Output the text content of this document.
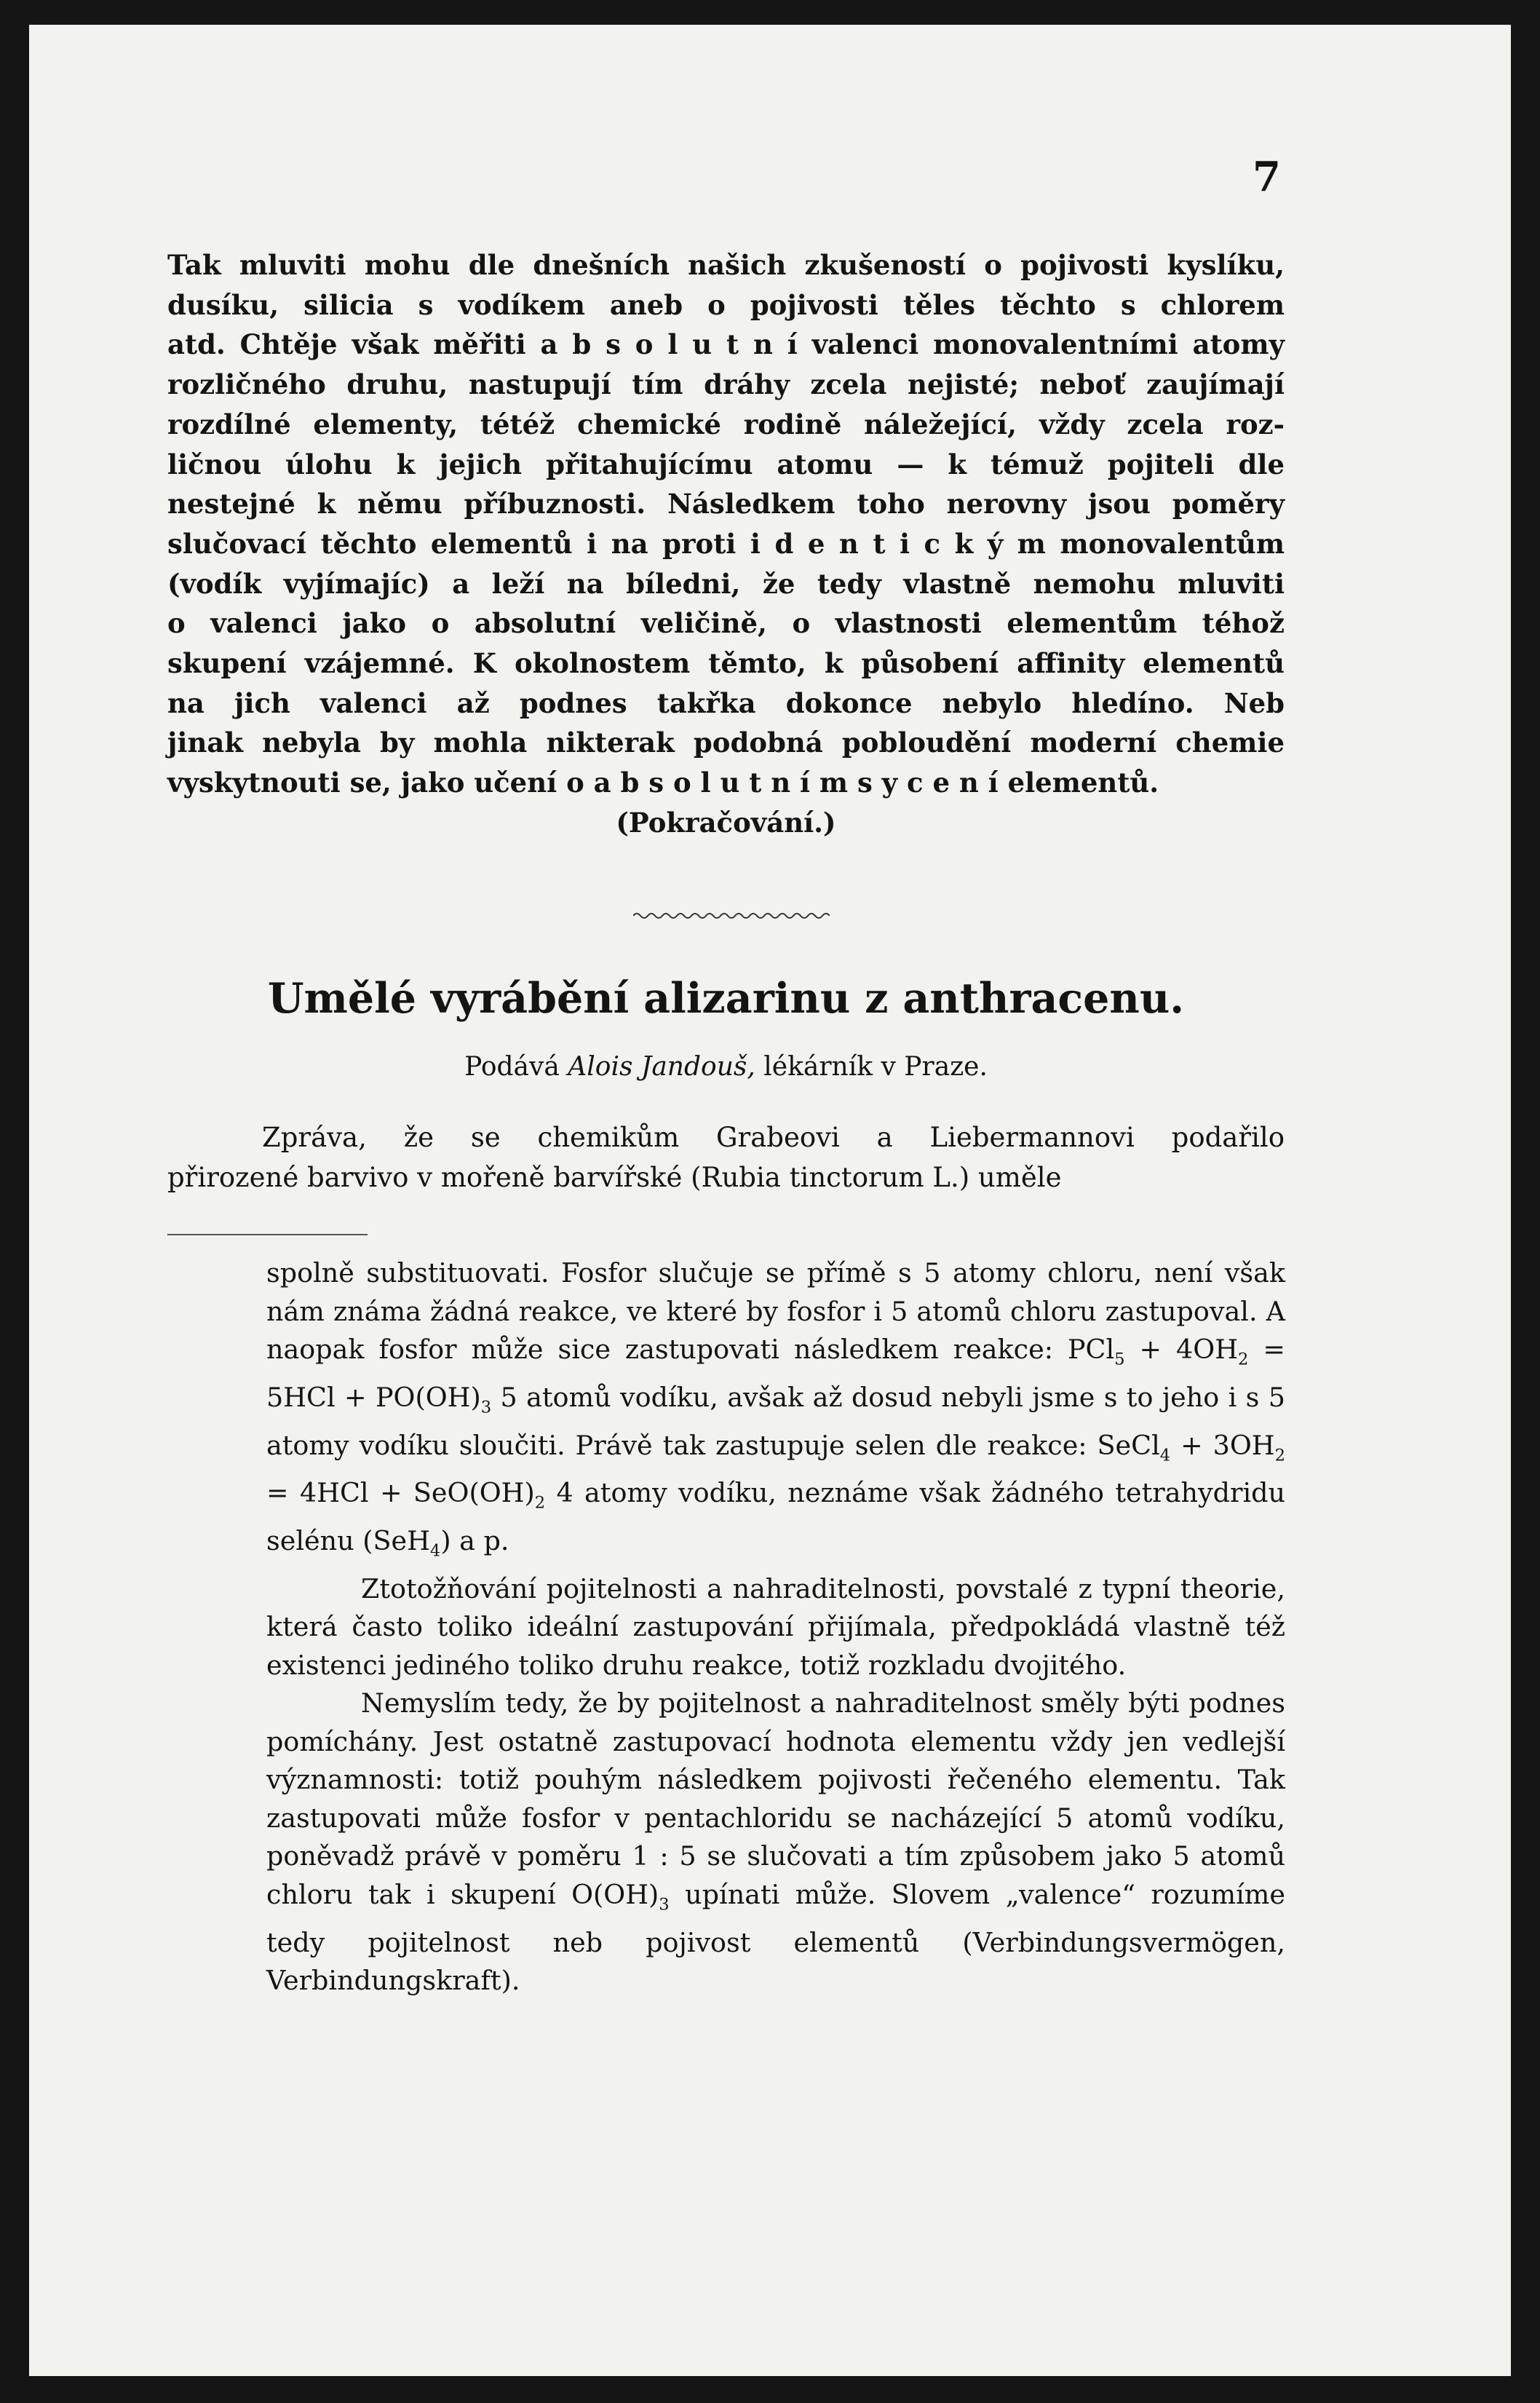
7
Tak mluviti mohu dle dnešních našich zkušeností o pojivosti kyslíku,
dusíku, silicia s vodíkem aneb o pojivosti těles těchto s chlorem
atd. Chtěje však měřiti a b s o l u t n í valenci monovalentními atomy
rozličného druhu, nastupují tím dráhy zcela nejisté; neboť zaujímají
rozdílné elementy, tétéž chemické rodině náležející, vždy zcela roz-
ličnou úlohu k jejich přitahujícímu atomu — k témuž pojiteli dle
nestejné k němu příbuznosti. Následkem toho nerovny jsou poměry
slučovací těchto elementů i na proti i d e n t i c k ý m monovalentům
(vodík vyjímajíc) a leží na bíledni, že tedy vlastně nemohu mluviti
o valenci jako o absolutní veličině, o vlastnosti elementům téhož
skupení vzájemné. K okolnostem těmto, k působení affinity elementů
na jich valenci až podnes takřka dokonce nebylo hledíno. Neb
jinak nebyla by mohla nikterak podobná pobloudění moderní chemie
vyskytnouti se, jako učení o a b s o l u t n í m s y c e n í elementů.

(Pokračování.)

Umělé vyrábění alizarinu z anthracenu.

Podává Alois Jandouš, lékárník v Praze.

Zpráva, že se chemikům Grabeovi a Liebermannovi podařilo
přirozené barvivo v mořeně barvířské (Rubia tinctorum L.) uměle

spolně substituovati. Fosfor slučuje se přímě s 5 atomy chloru, není však nám známa žádná reakce, ve které by fosfor i 5 atomů chloru zastupoval. A naopak fosfor může sice zastupovati následkem reakce: $PCl_5 + 4OH_2 = 5HCl + PO(OH)_3$ 5 atomů vodíku, avšak až dosud nebyli jsme s to jeho i s 5 atomy vodíku sloučiti. Právě tak zastupuje selen dle reakce: SeCl$_4$ + $3OH_2 = 4HCl + SeO(OH)_2$ 4 atomy vodíku, neznáme však žádného tetrahydridu selénu (SeH$_4$) a p.

Ztotožňování pojitelnosti a nahraditelnosti, povstalé z typní theorie, která často toliko ideální zastupování přijímala, předpokládá vlastně též existenci jediného toliko druhu reakce, totiž rozkladu dvojitého.

Nemyslím tedy, že by pojitelnost a nahraditelnost směly býti podnes pomíchány. Jest ostatně zastupovací hodnota elementu vždy jen vedlejší významnosti: totiž pouhým následkem pojivosti řečeného elementu. Tak zastupovati může fosfor v pentachloridu se nacházející 5 atomů vodíku, poněvadž právě v poměru 1 : 5 se slučovati a tím způsobem jako 5 atomů chloru tak i skupení $O(OH)_3$ upínati může. Slovem „valence“ rozumíme tedy pojitelnost neb pojivost elementů (Verbindungsvermögen, Verbindungskraft).
